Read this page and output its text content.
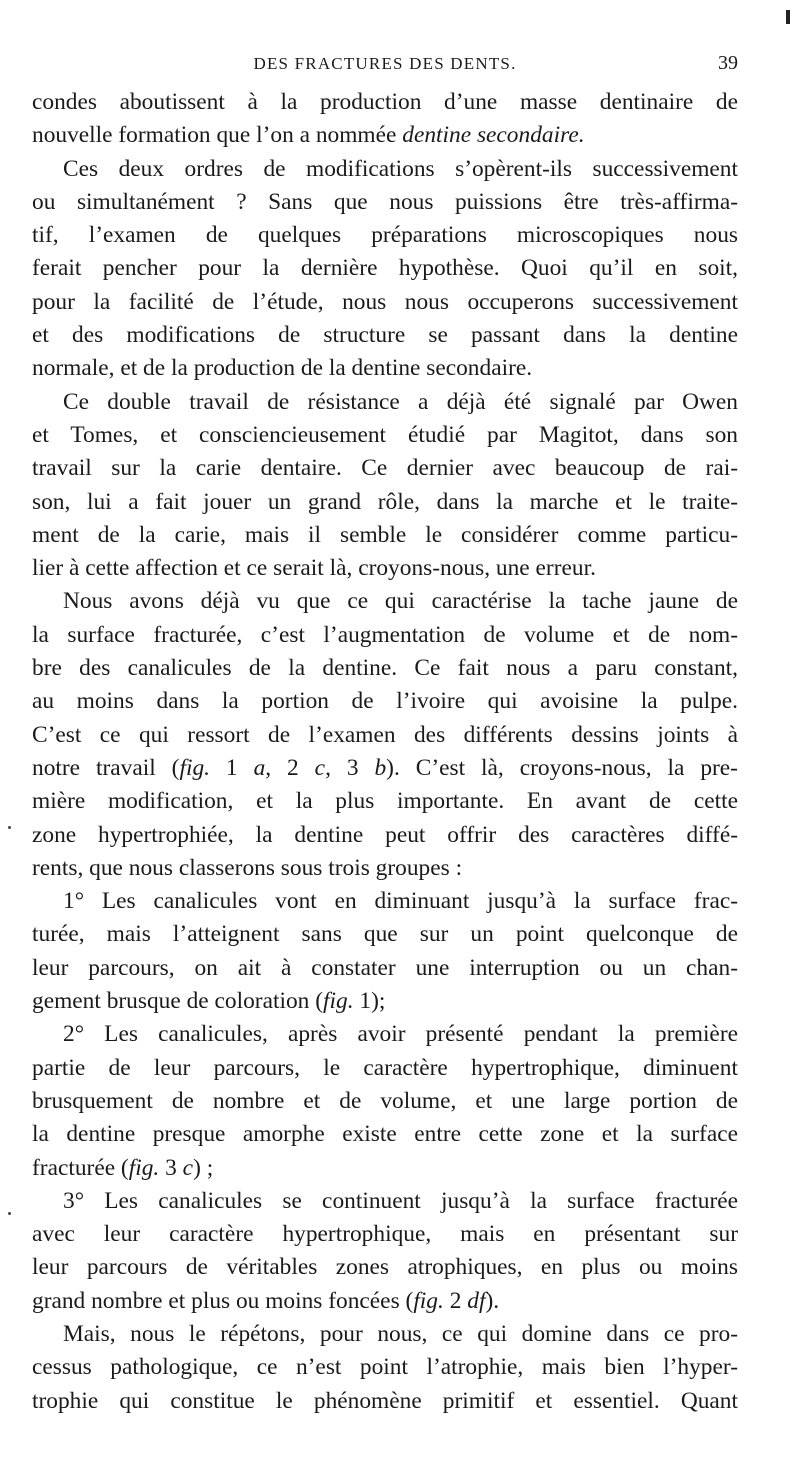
DES FRACTURES DES DENTS.	39
condes aboutissent à la production d’une masse dentinaire de
nouvelle formation que l’on a nommée dentine secondaire.
Ces deux ordres de modifications s’opèrent-ils successivement
ou simultanément ? Sans que nous puissions être très-affirma-
tif, l’examen de quelques préparations microscopiques nous
ferait pencher pour la dernière hypothèse. Quoi qu’il en soit,
pour la facilité de l’étude, nous nous occuperons successivement
et des modifications de structure se passant dans la dentine
normale, et de la production de la dentine secondaire.
Ce double travail de résistance a déjà été signalé par Owen
et Tomes, et consciencieusement étudié par Magitot, dans son
travail sur la carie dentaire. Ce dernier avec beaucoup de rai-
son, lui a fait jouer un grand rôle, dans la marche et le traite-
ment de la carie, mais il semble le considérer comme particu-
lier à cette affection et ce serait là, croyons-nous, une erreur.
Nous avons déjà vu que ce qui caractérise la tache jaune de
la surface fracturée, c’est l’augmentation de volume et de nom-
bre des canalicules de la dentine. Ce fait nous a paru constant,
au moins dans la portion de l’ivoire qui avoisine la pulpe.
C’est ce qui ressort de l’examen des différents dessins joints à
notre travail (fig. 1 a, 2 c, 3 b). C’est là, croyons-nous, la pre-
mière modification, et la plus importante. En avant de cette
zone hypertrophiée, la dentine peut offrir des caractères diffé-
rents, que nous classerons sous trois groupes :
1° Les canalicules vont en diminuant jusqu’à la surface frac-
turée, mais l’atteignent sans que sur un point quelconque de
leur parcours, on ait à constater une interruption ou un chan-
gement brusque de coloration (fig. 1);
2° Les canalicules, après avoir présenté pendant la première
partie de leur parcours, le caractère hypertrophique, diminuent
brusquement de nombre et de volume, et une large portion de
la dentine presque amorphe existe entre cette zone et la surface
fracturée (fig. 3 c) ;
3° Les canalicules se continuent jusqu’à la surface fracturée
avec leur caractère hypertrophique, mais en présentant sur
leur parcours de véritables zones atrophiques, en plus ou moins
grand nombre et plus ou moins foncées (fig. 2 df).
Mais, nous le répétons, pour nous, ce qui domine dans ce pro-
cessus pathologique, ce n’est point l’atrophie, mais bien l’hyper-
trophie qui constitue le phénomène primitif et essentiel. Quant
